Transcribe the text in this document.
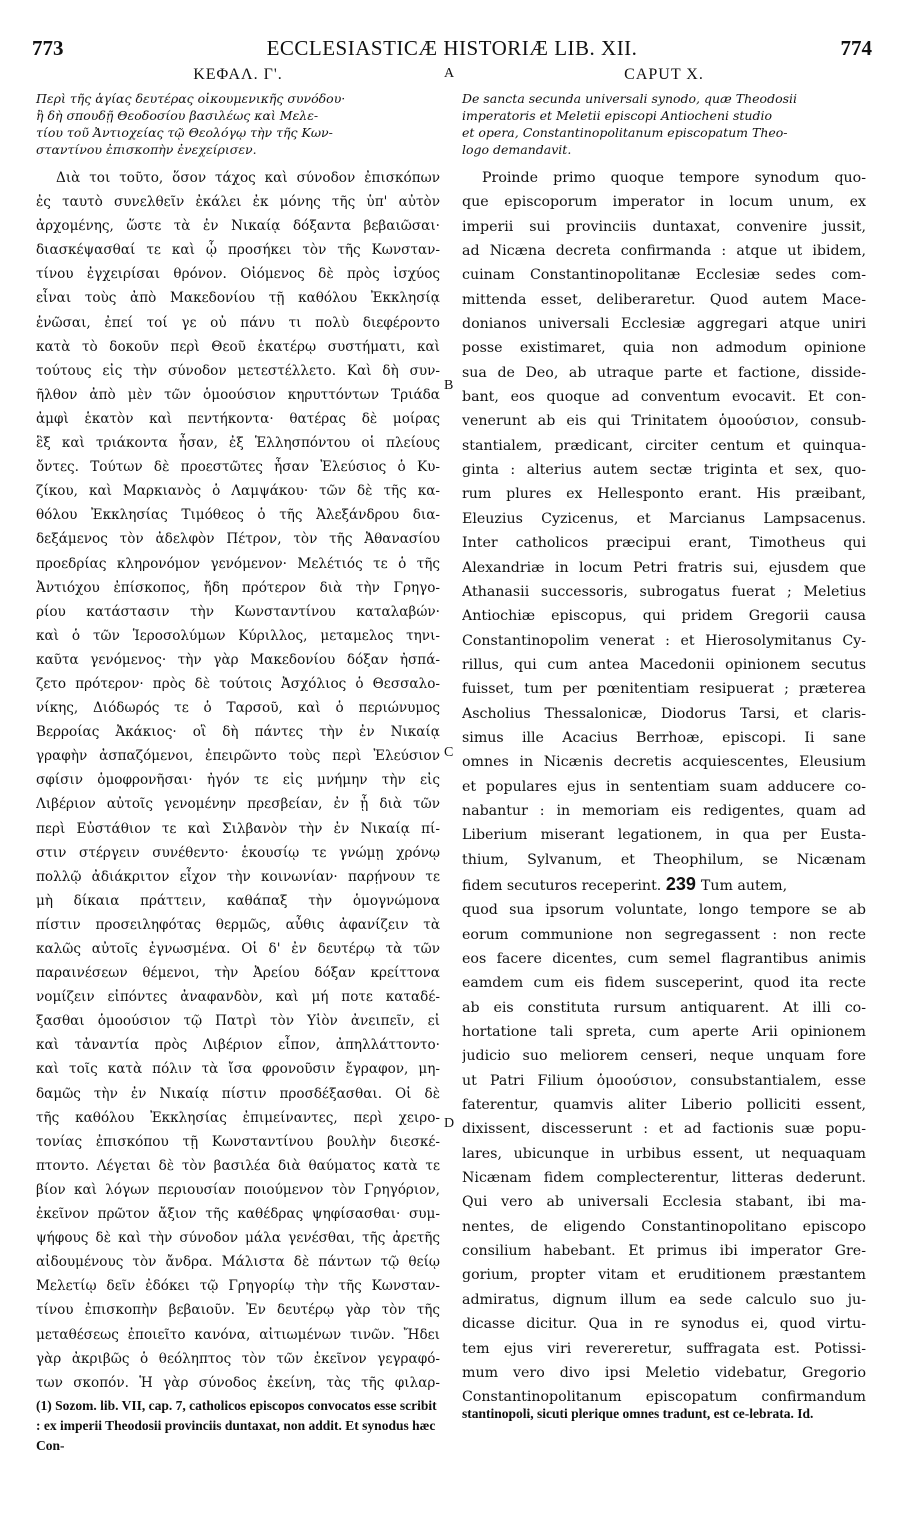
773	ECCLESIASTICÆ HISTORIÆ LIB. XII.	774
A
B
C
D
ΚΕΦΑΛ. Γ'.
Περὶ τῆς ἁγίας δευτέρας οἰκουμενικῆς συνόδου·
ἢ δὴ σπουδῇ Θεοδοσίου βασιλέως καὶ Μελε-
τίου τοῦ Ἀντιοχείας τῷ Θεολόγῳ τὴν τῆς Κων-
σταντίνου ἐπισκοπὴν ἐνεχείρισεν.
Διὰ τοι τοῦτο, ὅσον τάχος καὶ σύνοδον ἐπισκόπων
ἐς ταυτὸ συνελθεῖν ἐκάλει ἐκ μόνης τῆς ὑπ' αὐτὸν
ἀρχομένης, ὥστε τὰ ἐν Νικαίᾳ δόξαντα βεβαιῶσαι·
διασκέψασθαί τε καὶ ᾧ προσήκει τὸν τῆς Κωνσταν-
τίνου ἐγχειρίσαι θρόνον. Οἰόμενος δὲ πρὸς ἰσχύος
εἶναι τοὺς ἀπὸ Μακεδονίου τῇ καθόλου Ἐκκλησίᾳ
ἑνῶσαι, ἐπεί τοί γε οὐ πάνυ τι πολὺ διεφέροντο
κατὰ τὸ δοκοῦν περὶ Θεοῦ ἑκατέρῳ συστήματι, καὶ
τούτους εἰς τὴν σύνοδον μετεστέλλετο. Καὶ δὴ συν-
ῆλθον ἀπὸ μὲν τῶν ὁμοούσιον κηρυττόντων Τριάδα
ἀμφὶ ἑκατὸν καὶ πεντήκοντα· θατέρας δὲ μοίρας
ἓξ καὶ τριάκοντα ἦσαν, ἐξ Ἑλλησπόντου οἱ πλείους
ὄντες. Τούτων δὲ προεστῶτες ἦσαν Ἐλεύσιος ὁ Κυ-
ζίκου, καὶ Μαρκιανὸς ὁ Λαμψάκου· τῶν δὲ τῆς κα-
θόλου Ἐκκλησίας Τιμόθεος ὁ τῆς Ἀλεξάνδρου δια-
δεξάμενος τὸν ἀδελφὸν Πέτρον, τὸν τῆς Ἀθανασίου
προεδρίας κληρονόμον γενόμενον· Μελέτιός τε ὁ τῆς
Ἀντιόχου ἐπίσκοπος, ἤδη πρότερον διὰ τὴν Γρηγο-
ρίου κατάστασιν τὴν Κωνσταντίνου καταλαβών·
καὶ ὁ τῶν Ἱεροσολύμων Κύριλλος, μεταμελος τηνι-
καῦτα γενόμενος· τὴν γὰρ Μακεδονίου δόξαν ἠσπά-
ζετο πρότερον· πρὸς δὲ τούτοις Ἀσχόλιος ὁ Θεσσαλο-
νίκης, Διόδωρός τε ὁ Ταρσοῦ, καὶ ὁ περιώνυμος
Βερροίας Ἀκάκιος· οἳ δὴ πάντες τὴν ἐν Νικαίᾳ
γραφὴν ἀσπαζόμενοι, ἐπειρῶντο τοὺς περὶ Ἐλεύσιον
σφίσιν ὁμοφρονῆσαι· ἠγόν τε εἰς μνήμην τὴν εἰς
Λιβέριον αὐτοῖς γενομένην πρεσβείαν, ἐν ᾗ διὰ τῶν
περὶ Εὐστάθιον τε καὶ Σιλβανὸν τὴν ἐν Νικαίᾳ πί-
στιν στέργειν συνέθεντο· ἑκουσίῳ τε γνώμῃ χρόνῳ
πολλῷ ἀδιάκριτον εἶχον τὴν κοινωνίαν· παρῄνουν τε
μὴ δίκαια πράττειν, καθάπαξ τὴν ὁμογνώμονα
πίστιν προσειληφότας θερμῶς, αὖθις ἀφανίζειν τὰ
καλῶς αὐτοῖς ἐγνωσμένα. Οἱ δ' ἐν δευτέρῳ τὰ τῶν
παραινέσεων θέμενοι, τὴν Ἀρείου δόξαν κρείττονα
νομίζειν εἰπόντες ἀναφανδὸν, καὶ μή ποτε καταδέ-
ξασθαι ὁμοούσιον τῷ Πατρὶ τὸν Υἱὸν ἀνειπεῖν, εἰ
καὶ τἀναντία πρὸς Λιβέριον εἶπον, ἀπηλλάττοντο·
καὶ τοῖς κατὰ πόλιν τὰ ἴσα φρονοῦσιν ἔγραφον, μη-
δαμῶς τὴν ἐν Νικαίᾳ πίστιν προσδέξασθαι. Οἱ δὲ
τῆς καθόλου Ἐκκλησίας ἐπιμείναντες, περὶ χειρο-
τονίας ἐπισκόπου τῇ Κωνσταντίνου βουλὴν διεσκέ-
πτοντο. Λέγεται δὲ τὸν βασιλέα διὰ θαύματος κατὰ τε
βίον καὶ λόγων περιουσίαν ποιούμενον τὸν Γρηγόριον,
ἐκεῖνον πρῶτον ἄξιον τῆς καθέδρας ψηφίσασθαι· συμ-
ψήφους δὲ καὶ τὴν σύνοδον μάλα γενέσθαι, τῆς ἀρετῆς
αἰδουμένους τὸν ἄνδρα. Μάλιστα δὲ πάντων τῷ θείῳ
Μελετίῳ δεῖν ἐδόκει τῷ Γρηγορίῳ τὴν τῆς Κωνσταν-
τίνου ἐπισκοπὴν βεβαιοῦν. Ἐν δευτέρῳ γὰρ τὸν τῆς
μεταθέσεως ἐποιεῖτο κανόνα, αἰτιωμένων τινῶν. Ἤδει
γὰρ ἀκριβῶς ὁ θεόληπτος τὸν τῶν ἐκεῖνον γεγραφό-
των σκοπόν. Ἡ γὰρ σύνοδος ἐκείνη, τὰς τῆς φιλαρ-
CAPUT X.
De sancta secunda universali synodo, quæ Theodosii
imperatoris et Meletii episcopi Antiocheni studio
et opera, Constantinopolitanum episcopatum Theo-
logo demandavit.
Proinde primo quoque tempore synodum quo-
que episcoporum imperator in locum unum, ex
imperii sui provinciis duntaxat, convenire jussit,
ad Nicæna decreta confirmanda : atque ut ibidem,
cuinam Constantinopolitanæ Ecclesiæ sedes com-
mittenda esset, deliberaretur. Quod autem Mace-
donianos universali Ecclesiæ aggregari atque uniri
posse existimaret, quia non admodum opinione
sua de Deo, ab utraque parte et factione, disside-
bant, eos quoque ad conventum evocavit. Et con-
venerunt ab eis qui Trinitatem ὁμοούσιον, consub-
stantialem, prædicant, circiter centum et quinqua-
ginta : alterius autem sectæ triginta et sex, quo-
rum plures ex Hellesponto erant. His præibant,
Eleuzius Cyzicenus, et Marcianus Lampsacenus.
Inter catholicos præcipui erant, Timotheus qui
Alexandriæ in locum Petri fratris sui, ejusdem que
Athanasii successoris, subrogatus fuerat ; Meletius
Antiochiæ episcopus, qui pridem Gregorii causa
Constantinopolim venerat : et Hierosolymitanus Cy-
rillus, qui cum antea Macedonii opinionem secutus
fuisset, tum per pœnitentiam resipuerat ; præterea
Ascholius Thessalonicæ, Diodorus Tarsi, et claris-
simus ille Acacius Berrhoæ, episcopi. Ii sane
omnes in Nicænis decretis acquiescentes, Eleusium
et populares ejus in sententiam suam adducere co-
nabantur : in memoriam eis redigentes, quam ad
Liberium miserant legationem, in qua per Eusta-
thium, Sylvanum, et Theophilum, se Nicænam
fidem secuturos receperint. 239 Tum autem,
quod sua ipsorum voluntate, longo tempore se ab
eorum communione non segregassent : non recte
eos facere dicentes, cum semel flagrantibus animis
eamdem cum eis fidem susceperint, quod ita recte
ab eis constituta rursum antiquarent. At illi co-
hortatione tali spreta, cum aperte Arii opinionem
judicio suo meliorem censeri, neque unquam fore
ut Patri Filium ὁμοούσιον, consubstantialem, esse
faterentur, quamvis aliter Liberio polliciti essent,
dixissent, discesserunt : et ad factionis suæ popu-
lares, ubicunque in urbibus essent, ut nequaquam
Nicænam fidem complecterentur, litteras dederunt.
Qui vero ab universali Ecclesia stabant, ibi ma-
nentes, de eligendo Constantinopolitano episcopo
consilium habebant. Et primus ibi imperator Gre-
gorium, propter vitam et eruditionem præstantem
admiratus, dignum illum ea sede calculo suo ju-
dicasse dicitur. Qua in re synodus ei, quod virtu-
tem ejus viri revereretur, suffragata est. Potissi-
mum vero divo ipsi Meletio videbatur, Gregorio
Constantinopolitanum episcopatum confirmandum
(1) Sozom. lib. VII, cap. 7, catholicos episcopos convocatos esse scribit : ex imperii Theodosii provinciis duntaxat, non addit. Et synodus hæc Con-
stantinopoli, sicuti plerique omnes tradunt, est ce-lebrata. Id.
